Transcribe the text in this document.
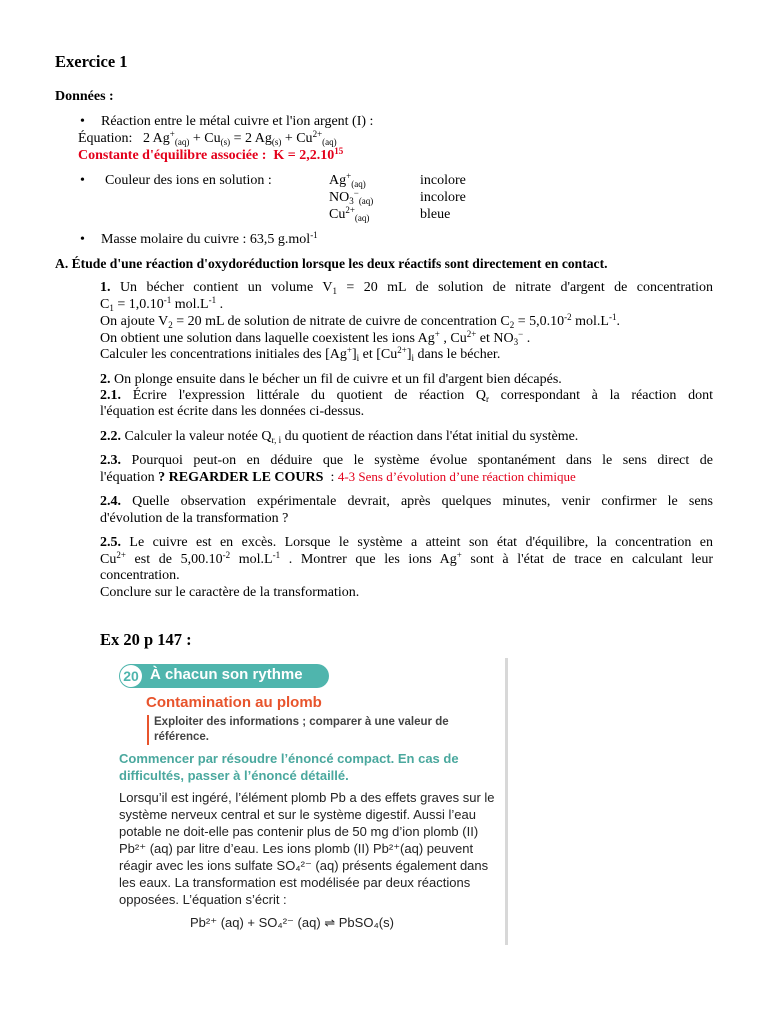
Exercice 1
Données :
• Réaction entre le métal cuivre et l'ion argent (I) :
Équation:   2 $Ag^+_{(aq)} + Cu_{(s)} = 2$ $Ag_{(s)} + Cu^{2+}_{(aq)}$
Constante d'équilibre associée : $K = 2,2.10^{15}$
• Couleur des ions en solution :	$Ag^+_{(aq)}$	incolore
$NO_3^-_{(aq)}$	incolore
$Cu^{2+}_{(aq)}$	bleue
• Masse molaire du cuivre : 63,5 g.mol$^{-1}$
A. Étude d'une réaction d'oxydoréduction lorsque les deux réactifs sont directement en contact.
1. Un bécher contient un volume $V_1 = 20$ mL de solution de nitrate d'argent de concentration
$C_1 = 1,0.10^{-1}$ $mol.L^{-1}$ .
On ajoute $V_2 = 20$ mL de solution de nitrate de cuivre de concentration $C_2 = 5,0.10^{-2}$ $mol.L^{-1}$.
On obtient une solution dans laquelle coexistent les ions Ag+ , $Cu^{2+}$ et $NO_3^-$ .
Calculer les concentrations initiales des $[Ag^+]_i$ et $[Cu^{2+}]_i$ dans le bécher.
2. On plonge ensuite dans le bécher un fil de cuivre et un fil d'argent bien décapés.
2.1. Écrire l'expression littérale du quotient de réaction $Q_r$ correspondant à la réaction dont
l'équation est écrite dans les données ci-dessus.
2.2. Calculer la valeur notée $Q_{r, i}$ du quotient de réaction dans l'état initial du système.
2.3. Pourquoi peut-on en déduire que le système évolue spontanément dans le sens direct de
l'équation ? REGARDER LE COURS  : 4-3 Sens d’évolution d’une réaction chimique
2.4. Quelle observation expérimentale devrait, après quelques minutes, venir confirmer le sens
d'évolution de la transformation ?
2.5. Le cuivre est en excès. Lorsque le système a atteint son état d'équilibre, la concentration en
$Cu^{2+}$ est de $5,00.10^{-2}$ $mol.L^{-1}$ . Montrer que les ions Ag+ sont à l'état de trace en calculant leur
concentration.
Conclure sur le caractère de la transformation.
Ex 20 p 147 :
20 À chacun son rythme
Contamination au plomb
Exploiter des informations ; comparer à une valeur de référence.
Commencer par résoudre l’énoncé compact. En cas de difficultés, passer à l’énoncé détaillé.
Lorsqu’il est ingéré, l’élément plomb Pb a des effets graves sur le système nerveux central et sur le système digestif. Aussi l’eau potable ne doit-elle pas contenir plus de 50 mg d’ion plomb (II) Pb²⁺ (aq) par litre d’eau. Les ions plomb (II) Pb²⁺(aq) peuvent réagir avec les ions sulfate SO₄²⁻ (aq) présents également dans les eaux. La transformation est modélisée par deux réactions opposées. L’équation s’écrit :
Pb²⁺ (aq) + SO₄²⁻ (aq) ⇌ PbSO₄(s)
